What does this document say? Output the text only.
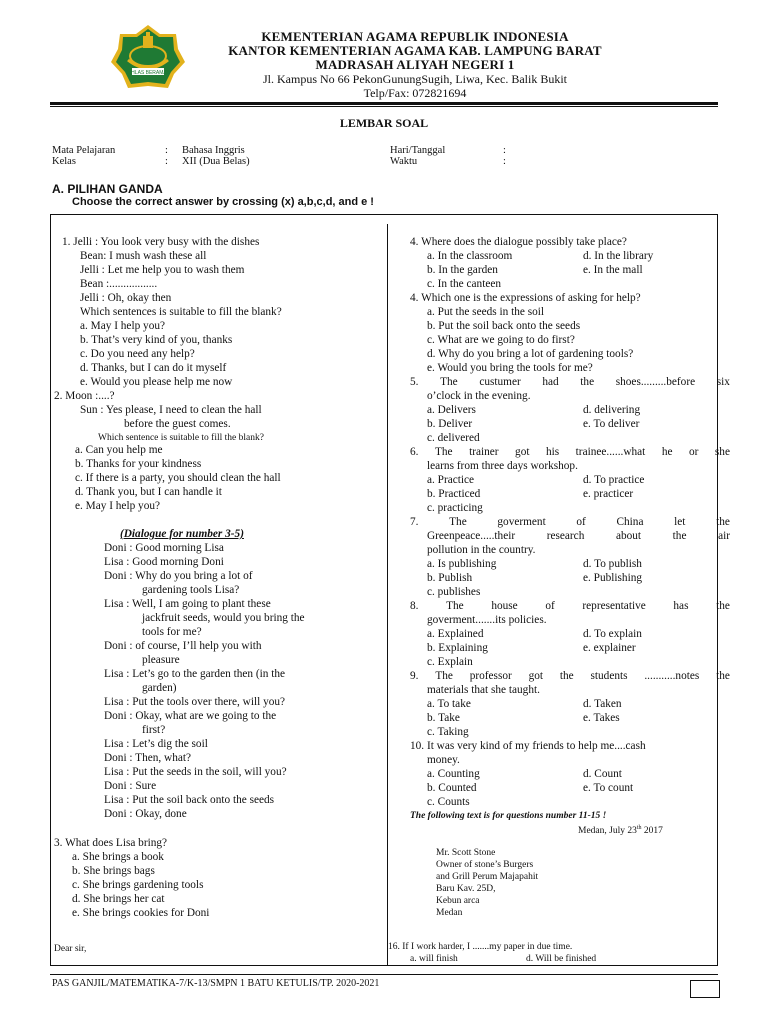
IKHLAS BERAMAL
KEMENTERIAN AGAMA REPUBLIK INDONESIA
KANTOR KEMENTERIAN AGAMA KAB. LAMPUNG BARAT
MADRASAH ALIYAH NEGERI 1
Jl. Kampus No 66 PekonGunungSugih, Liwa, Kec. Balik Bukit
Telp/Fax: 072821694
LEMBAR SOAL
Mata Pelajaran	: Bahasa Inggris
Kelas	: XII (Dua Belas)
Hari/Tanggal	:
Waktu	:
A. PILIHAN GANDA
Choose the correct answer by crossing (x) a,b,c,d, and e !
1. Jelli : You look very busy with the dishes
Bean: I mush wash these all
Jelli : Let me help you to wash them
Bean :.................
Jelli : Oh, okay then
Which sentences is suitable to fill the blank?
a. May I help you?
b. That’s very kind of you, thanks
c. Do you need any help?
d. Thanks, but I can do it myself
e. Would you please help me now
2. Moon :....?
Sun : Yes please, I need to clean the hall
before the guest comes.
Which sentence is suitable to fill the blank?
a. Can you help me
b. Thanks for your kindness
c. If there is a party, you should clean the hall
d. Thank you, but I can handle it
e. May I help you?
(Dialogue for number 3-5)
Doni : Good morning Lisa
Lisa : Good morning Doni
Doni : Why do you bring a lot of
gardening tools Lisa?
Lisa : Well, I am going to plant these
jackfruit seeds, would you bring the
tools for me?
Doni : of course, I’ll help you with
pleasure
Lisa : Let’s go to the garden then (in the
garden)
Lisa : Put the tools over there, will you?
Doni : Okay, what are we going to the
first?
Lisa : Let’s dig the soil
Doni : Then, what?
Lisa : Put the seeds in the soil, will you?
Doni : Sure
Lisa : Put the soil back onto the seeds
Doni : Okay, done
3. What does Lisa bring?
a. She brings a book
b. She brings bags
c. She brings gardening tools
d. She brings her cat
e. She brings cookies for Doni
Dear sir,
4. Where does the dialogue possibly take place?
a. In the classroom	d. In the library
b. In the garden	e. In the mall
c. In the canteen
4. Which one is the expressions of asking for help?
a. Put the seeds in the soil
b. Put the soil back onto the seeds
c. What are we going to do first?
d. Why do you bring a lot of gardening tools?
e. Would you bring the tools for me?
5. The custumer had the shoes.........before six
o’clock in the evening.
a. Delivers	d. delivering
b. Deliver	e. To deliver
c. delivered
6. The trainer got his trainee......what he or she
learns from three days workshop.
a. Practice	d. To practice
b. Practiced	e. practicer
c. practicing
7.	The	goverment	of	China	let	the
Greenpeace.....their	research	about	the	air
pollution in the country.
a. Is publishing	d. To publish
b. Publish	e. Publishing
c. publishes
8. The house of representative has the
goverment.......its policies.
a. Explained	d. To explain
b. Explaining	e. explainer
c. Explain
9. The professor got the students ...........notes the
materials that she taught.
a. To take	d. Taken
b. Take	e. Takes
c. Taking
10. It was very kind of my friends to help me....cash
money.
a. Counting	d. Count
b. Counted	e. To count
c. Counts
The following text is for questions number 11-15 !
Medan, July 23th 2017
Mr. Scott Stone
Owner of stone’s Burgers
and Grill Perum Majapahit
Baru Kav. 25D,
Kebun arca
Medan
16. If I work harder, I .......my paper in due time.
a. will finish	d. Will be finished
PAS GANJIL/MATEMATIKA-7/K-13/SMPN 1 BATU KETULIS/TP. 2020-2021
